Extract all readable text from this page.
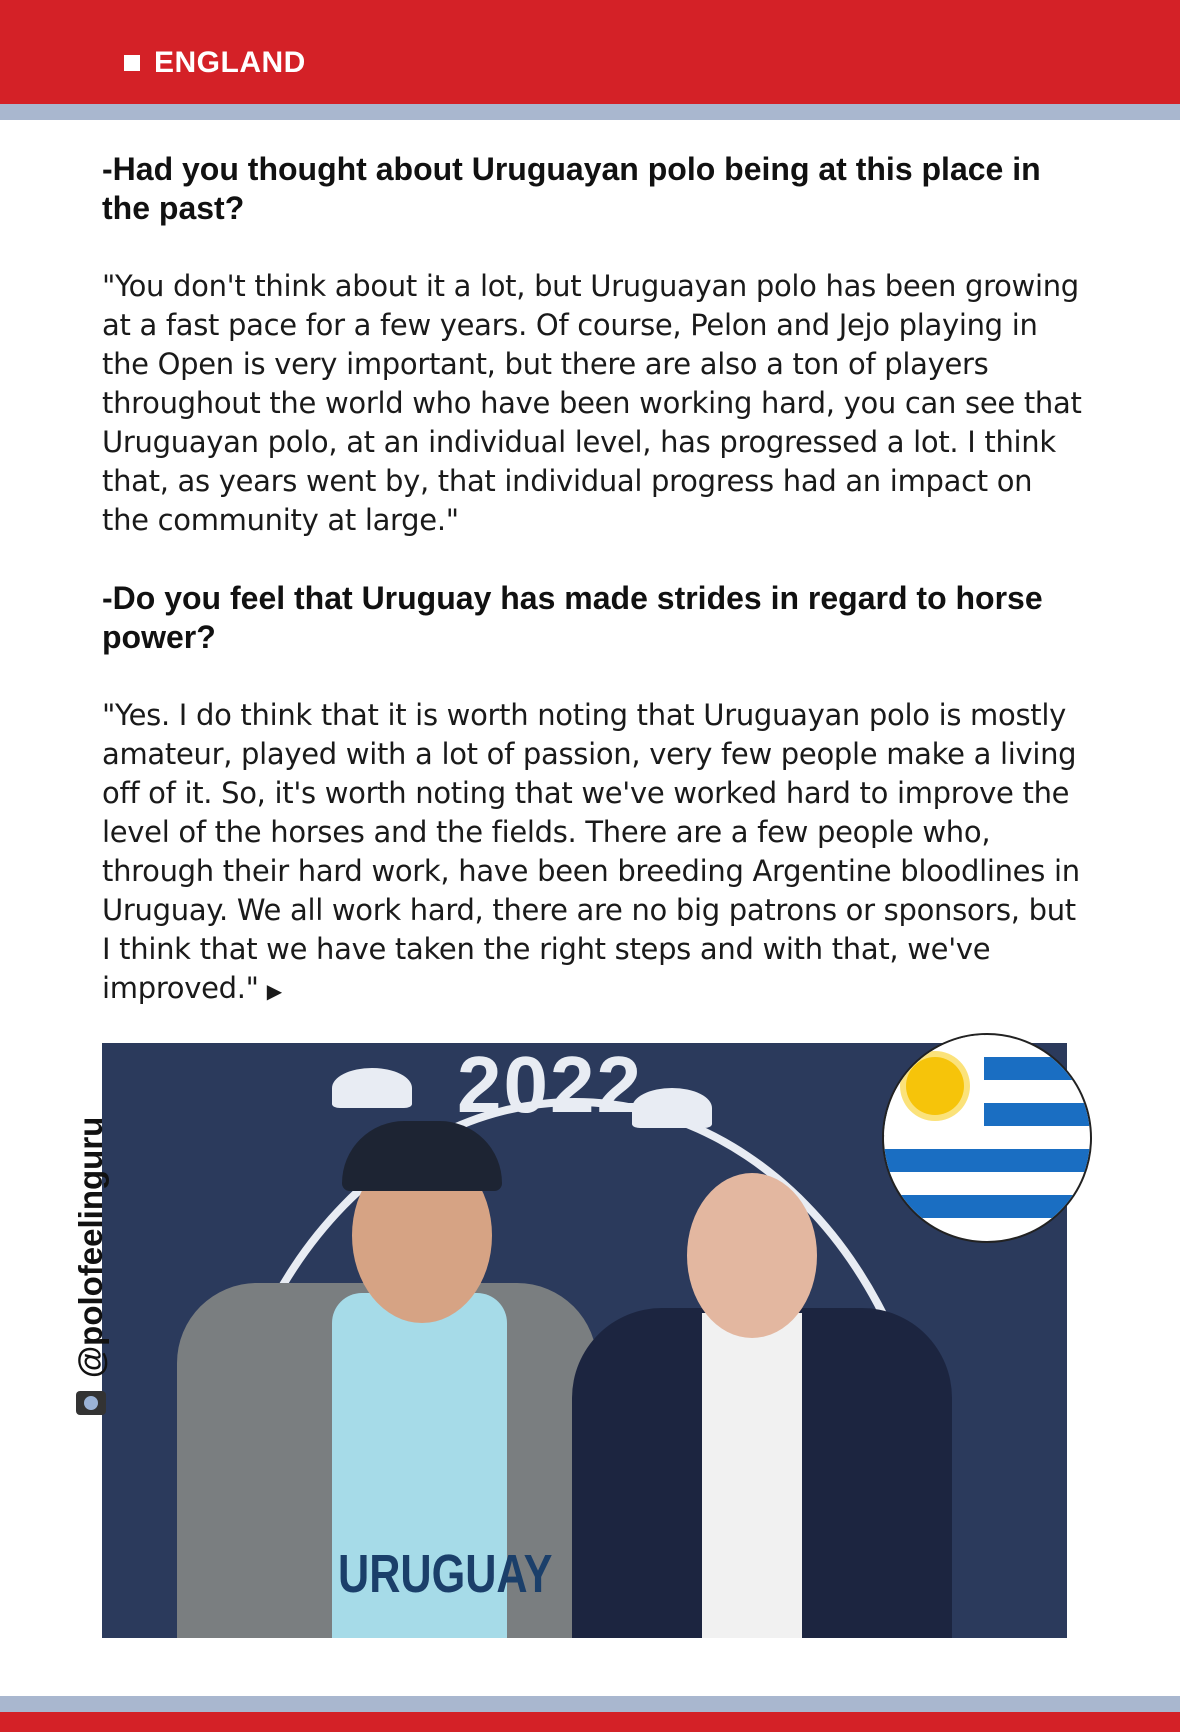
ENGLAND

-Had you thought about Uruguayan polo being at this place in the past?

"You don't think about it a lot, but Uruguayan polo has been growing at a fast pace for a few years. Of course, Pelon and Jejo playing in the Open is very important, but there are also a ton of players throughout the world who have been working hard, you can see that Uruguayan polo, at an individual level, has progressed a lot. I think that, as years went by, that individual progress had an impact on the community at large."

-Do you feel that Uruguay has made strides in regard to horse power?

"Yes. I do think that it is worth noting that Uruguayan polo is mostly amateur, played with a lot of passion, very few people make a living off of it. So, it's worth noting that we've worked hard to improve the level of the horses and the fields. There are a few people who, through their hard work, have been breeding Argentine bloodlines in Uruguay. We all work hard, there are no big patrons or sponsors, but I think that we have taken the right steps and with that, we've improved." ▶

2022
URUGUAY
@polofeelinguru
